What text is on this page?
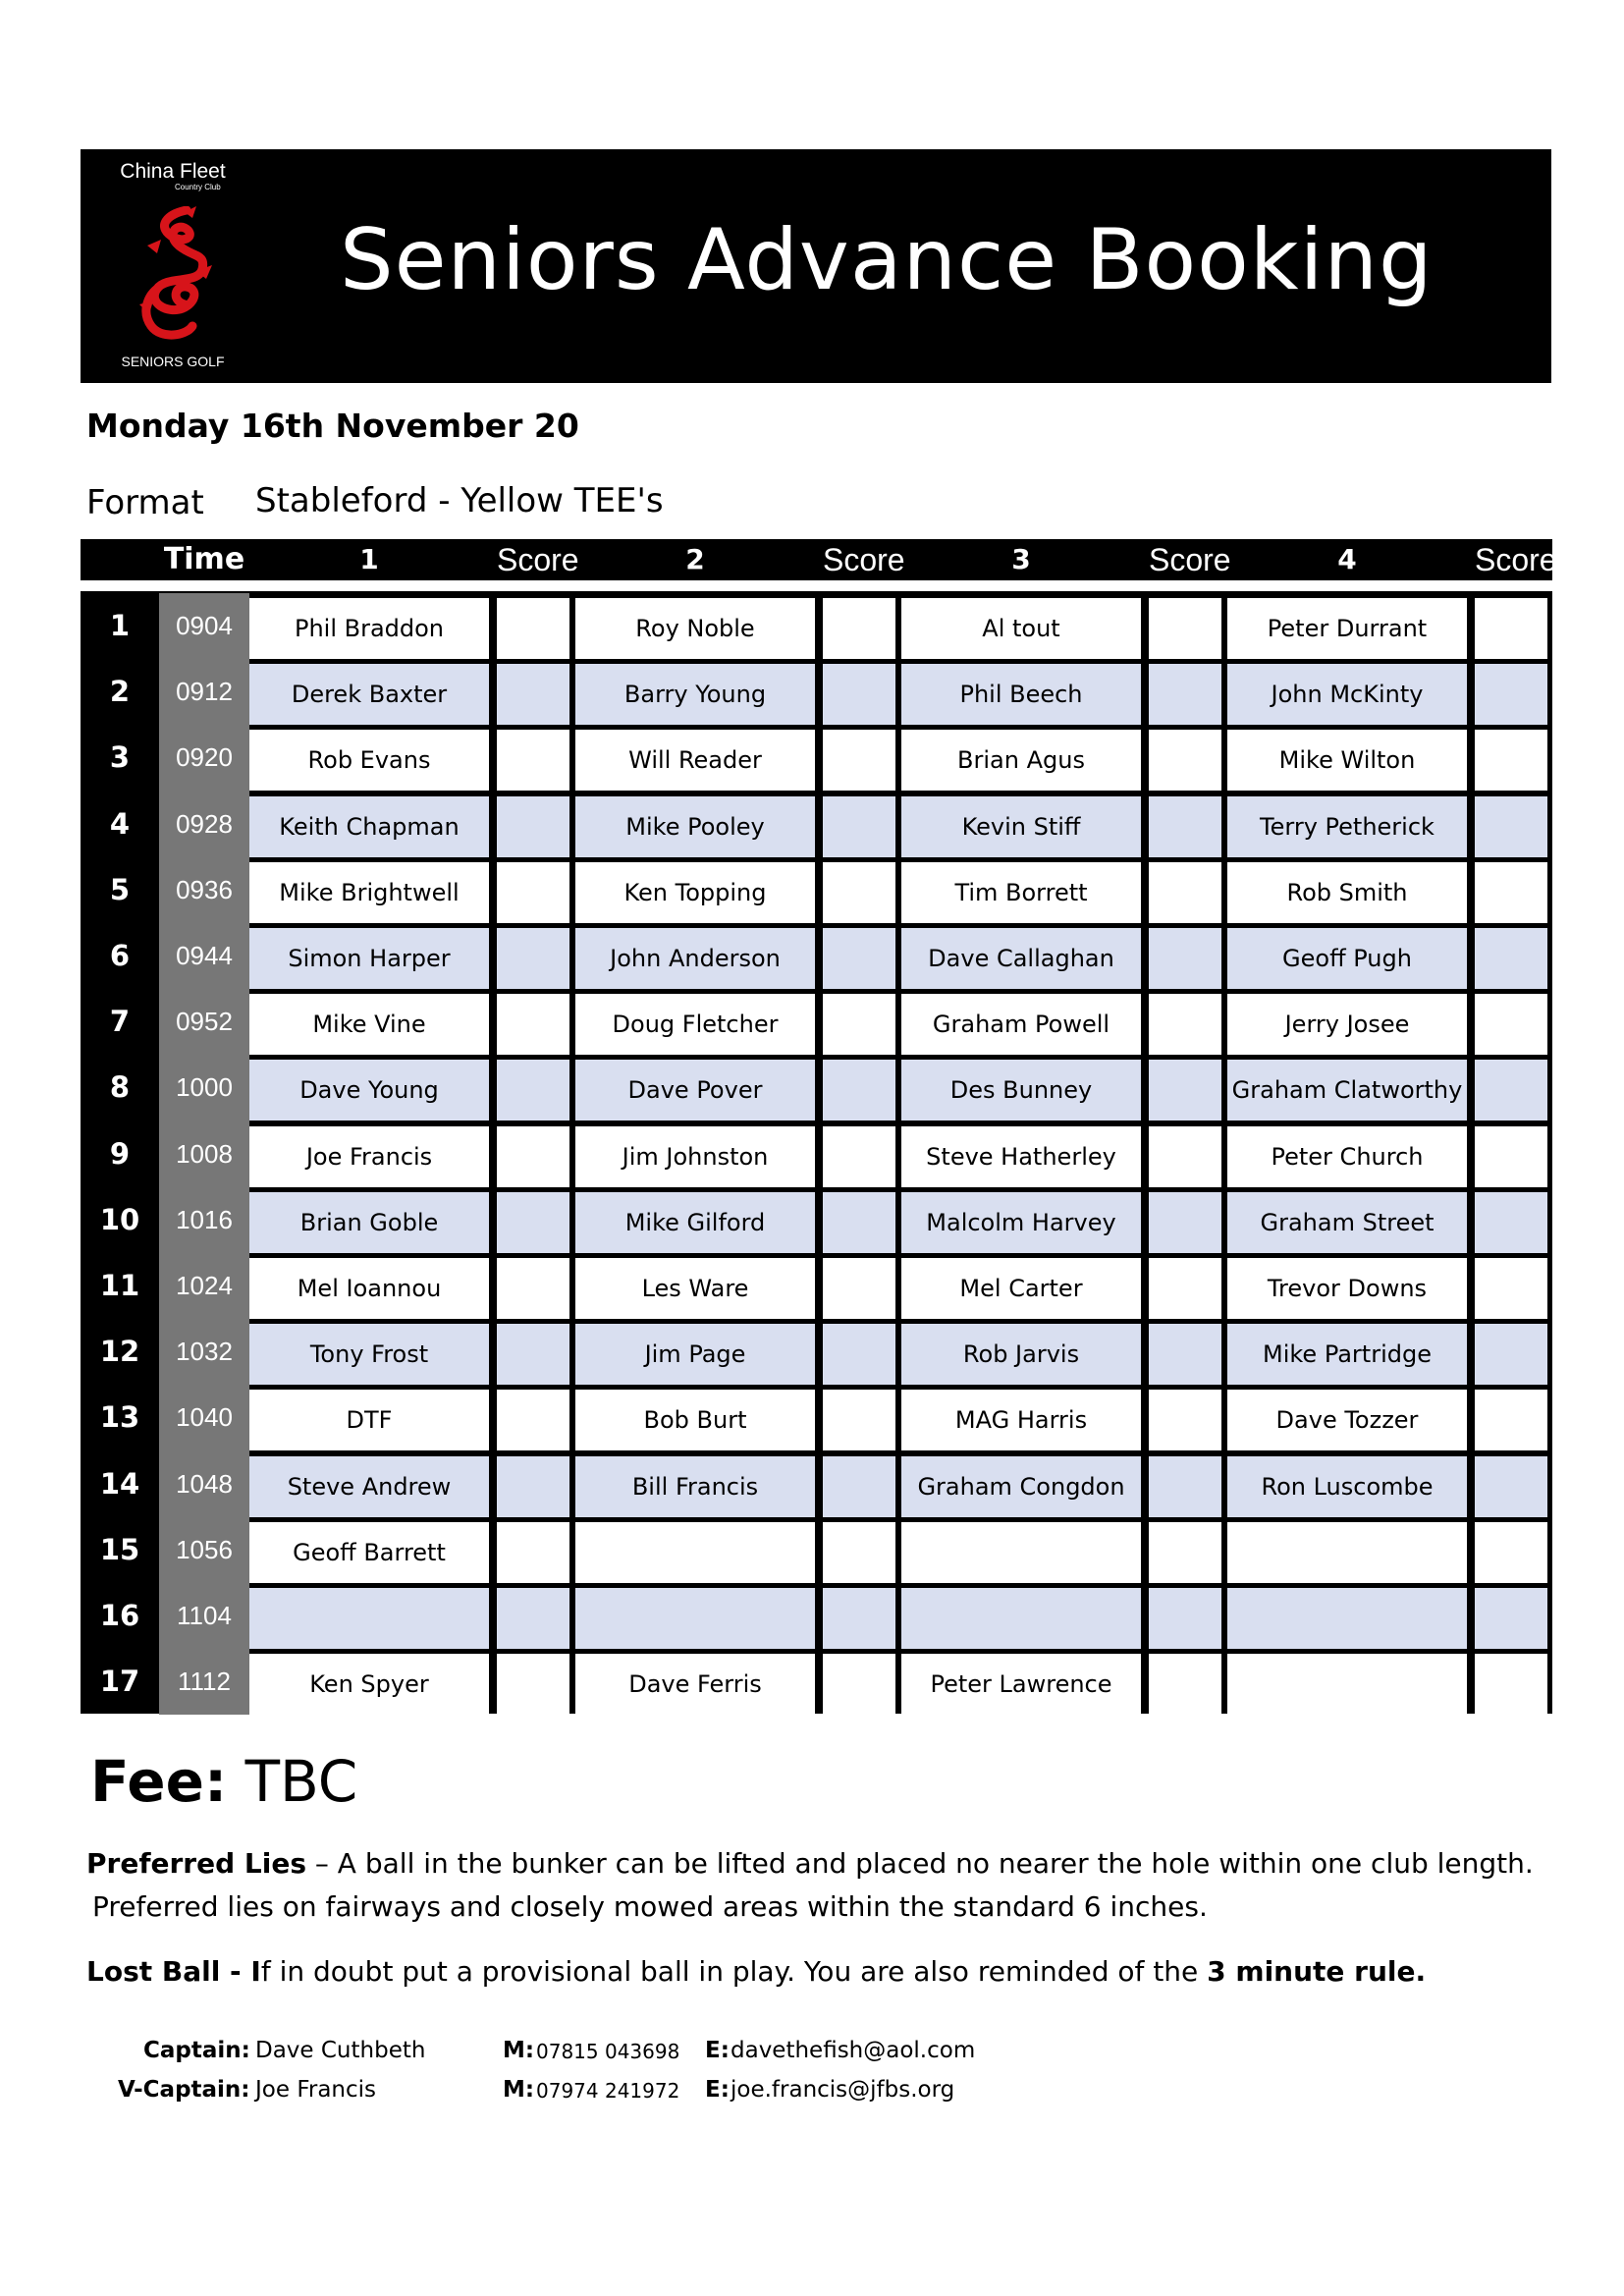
China Fleet
Country Club
SENIORS GOLF
Seniors Advance Booking
Monday 16th November 20
Format Stableford - Yellow TEE's
Time	1	Score	2	Score	3	Score	4	Score
1	0904	Phil Braddon	Roy Noble	Al tout	Peter Durrant
2	0912	Derek Baxter	Barry Young	Phil Beech	John McKinty
3	0920	Rob Evans	Will Reader	Brian Agus	Mike Wilton
4	0928	Keith Chapman	Mike Pooley	Kevin Stiff	Terry Petherick
5	0936	Mike Brightwell	Ken Topping	Tim Borrett	Rob Smith
6	0944	Simon Harper	John Anderson	Dave Callaghan	Geoff Pugh
7	0952	Mike Vine	Doug Fletcher	Graham Powell	Jerry Josee
8	1000	Dave Young	Dave Pover	Des Bunney	Graham Clatworthy
9	1008	Joe Francis	Jim Johnston	Steve Hatherley	Peter Church
10	1016	Brian Goble	Mike Gilford	Malcolm Harvey	Graham Street
11	1024	Mel Ioannou	Les Ware	Mel Carter	Trevor Downs
12	1032	Tony Frost	Jim Page	Rob Jarvis	Mike Partridge
13	1040	DTF	Bob Burt	MAG Harris	Dave Tozzer
14	1048	Steve Andrew	Bill Francis	Graham Congdon	Ron Luscombe
15	1056	Geoff Barrett
16	1104
17	1112	Ken Spyer	Dave Ferris	Peter Lawrence
Fee: TBC
Preferred Lies – A ball in the bunker can be lifted and placed no nearer the hole within one club length.
Preferred lies on fairways and closely mowed areas within the standard 6 inches.
Lost Ball - If in doubt put a provisional ball in play. You are also reminded of the 3 minute rule.
Captain: Dave Cuthbeth	M: 07815 043698 E: davethefish@aol.com
V-Captain: Joe Francis	M: 07974 241972 E: joe.francis@jfbs.org
